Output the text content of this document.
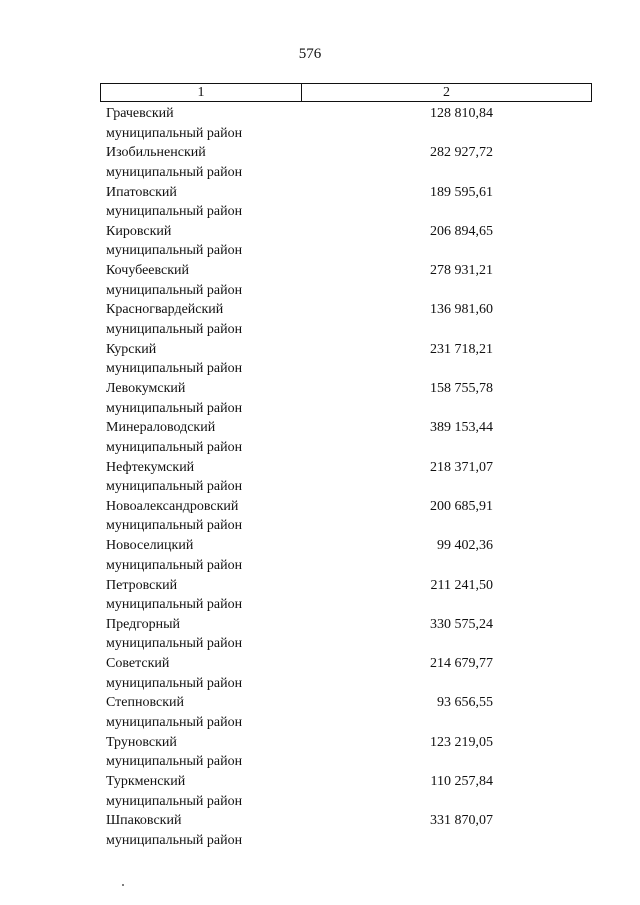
576
1	2
Грачевский
муниципальный район
128 810,84
Изобильненский
муниципальный район
282 927,72
Ипатовский
муниципальный район
189 595,61
Кировский
муниципальный район
206 894,65
Кочубеевский
муниципальный район
278 931,21
Красногвардейский
муниципальный район
136 981,60
Курский
муниципальный район
231 718,21
Левокумский
муниципальный район
158 755,78
Минераловодский
муниципальный район
389 153,44
Нефтекумский
муниципальный район
218 371,07
Новоалександровский
муниципальный район
200 685,91
Новоселицкий
муниципальный район
99 402,36
Петровский
муниципальный район
211 241,50
Предгорный
муниципальный район
330 575,24
Советский
муниципальный район
214 679,77
Степновский
муниципальный район
93 656,55
Труновский
муниципальный район
123 219,05
Туркменский
муниципальный район
110 257,84
Шпаковский
муниципальный район
331 870,07
